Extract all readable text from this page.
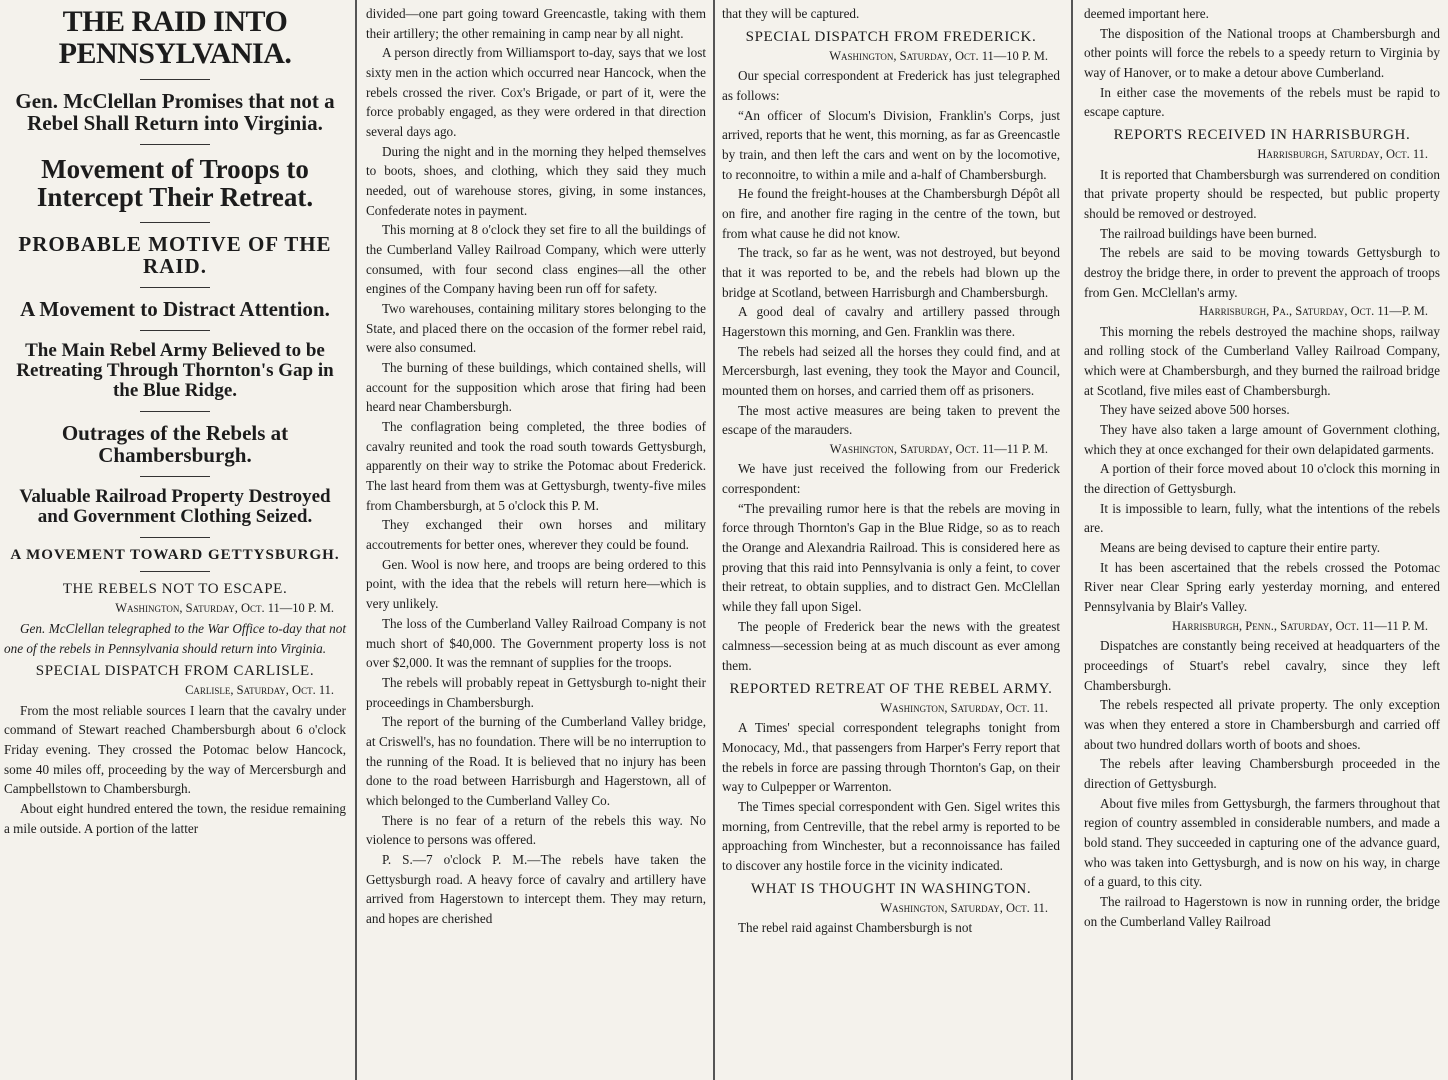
THE RAID INTO PENNSYLVANIA.
Gen. McClellan Promises that not a Rebel Shall Return into Virginia.
Movement of Troops to Intercept Their Retreat.
PROBABLE MOTIVE OF THE RAID.
A Movement to Distract Attention.
The Main Rebel Army Believed to be Retreating Through Thornton's Gap in the Blue Ridge.
Outrages of the Rebels at Chambersburgh.
Valuable Railroad Property Destroyed and Government Clothing Seized.
A MOVEMENT TOWARD GETTYSBURGH.
THE REBELS NOT TO ESCAPE.
Washington, Saturday, Oct. 11—10 P. M.

Gen. McClellan telegraphed to the War Office to-day that not one of the rebels in Pennsylvania should return into Virginia.

SPECIAL DISPATCH FROM CARLISLE.
Carlisle, Saturday, Oct. 11.

From the most reliable sources I learn that the cavalry under command of Stewart reached Chambersburgh about 6 o'clock Friday evening. They crossed the Potomac below Hancock, some 40 miles off, proceeding by the way of Mercersburgh and Campbellstown to Chambersburgh.

About eight hundred entered the town, the residue remaining a mile outside. A portion of the latter

divided—one part going toward Greencastle, taking with them their artillery; the other remaining in camp near by all night.

A person directly from Williamsport to-day, says that we lost sixty men in the action which occurred near Hancock, when the rebels crossed the river. Cox's Brigade, or part of it, were the force probably engaged, as they were ordered in that direction several days ago.

During the night and in the morning they helped themselves to boots, shoes, and clothing, which they said they much needed, out of warehouse stores, giving, in some instances, Confederate notes in payment.

This morning at 8 o'clock they set fire to all the buildings of the Cumberland Valley Railroad Company, which were utterly consumed, with four second class engines—all the other engines of the Company having been run off for safety.

Two warehouses, containing military stores belonging to the State, and placed there on the occasion of the former rebel raid, were also consumed.

The burning of these buildings, which contained shells, will account for the supposition which arose that firing had been heard near Chambersburgh.

The conflagration being completed, the three bodies of cavalry reunited and took the road south towards Gettysburgh, apparently on their way to strike the Potomac about Frederick. The last heard from them was at Gettysburgh, twenty-five miles from Chambersburgh, at 5 o'clock this P. M.

They exchanged their own horses and military accoutrements for better ones, wherever they could be found.

Gen. Wool is now here, and troops are being ordered to this point, with the idea that the rebels will return here—which is very unlikely.

The loss of the Cumberland Valley Railroad Company is not much short of $40,000. The Government property loss is not over $2,000. It was the remnant of supplies for the troops.

The rebels will probably repeat in Gettysburgh to-night their proceedings in Chambersburgh.

The report of the burning of the Cumberland Valley bridge, at Criswell's, has no foundation. There will be no interruption to the running of the Road. It is believed that no injury has been done to the road between Harrisburgh and Hagerstown, all of which belonged to the Cumberland Valley Co.

There is no fear of a return of the rebels this way. No violence to persons was offered.

P. S.—7 o'clock P. M.—The rebels have taken the Gettysburgh road. A heavy force of cavalry and artillery have arrived from Hagerstown to intercept them. They may return, and hopes are cherished

that they will be captured.

SPECIAL DISPATCH FROM FREDERICK.
Washington, Saturday, Oct. 11—10 P. M.

Our special correspondent at Frederick has just telegraphed as follows:

“An officer of Slocum's Division, Franklin's Corps, just arrived, reports that he went, this morning, as far as Greencastle by train, and then left the cars and went on by the locomotive, to reconnoitre, to within a mile and a-half of Chambersburgh.

He found the freight-houses at the Chambersburgh Dépôt all on fire, and another fire raging in the centre of the town, but from what cause he did not know.

The track, so far as he went, was not destroyed, but beyond that it was reported to be, and the rebels had blown up the bridge at Scotland, between Harrisburgh and Chambersburgh.

A good deal of cavalry and artillery passed through Hagerstown this morning, and Gen. Franklin was there.

The rebels had seized all the horses they could find, and at Mercersburgh, last evening, they took the Mayor and Council, mounted them on horses, and carried them off as prisoners.

The most active measures are being taken to prevent the escape of the marauders.

Washington, Saturday, Oct. 11—11 P. M.

We have just received the following from our Frederick correspondent:

“The prevailing rumor here is that the rebels are moving in force through Thornton's Gap in the Blue Ridge, so as to reach the Orange and Alexandria Railroad. This is considered here as proving that this raid into Pennsylvania is only a feint, to cover their retreat, to obtain supplies, and to distract Gen. McClellan while they fall upon Sigel.

The people of Frederick bear the news with the greatest calmness—secession being at as much discount as ever among them.

REPORTED RETREAT OF THE REBEL ARMY.
Washington, Saturday, Oct. 11.

A Times' special correspondent telegraphs tonight from Monocacy, Md., that passengers from Harper's Ferry report that the rebels in force are passing through Thornton's Gap, on their way to Culpepper or Warrenton.

The Times special correspondent with Gen. Sigel writes this morning, from Centreville, that the rebel army is reported to be approaching from Winchester, but a reconnoissance has failed to discover any hostile force in the vicinity indicated.

WHAT IS THOUGHT IN WASHINGTON.
Washington, Saturday, Oct. 11.

The rebel raid against Chambersburgh is not

deemed important here.

The disposition of the National troops at Chambersburgh and other points will force the rebels to a speedy return to Virginia by way of Hanover, or to make a detour above Cumberland.

In either case the movements of the rebels must be rapid to escape capture.

REPORTS RECEIVED IN HARRISBURGH.
Harrisburgh, Saturday, Oct. 11.

It is reported that Chambersburgh was surrendered on condition that private property should be respected, but public property should be removed or destroyed.

The railroad buildings have been burned.

The rebels are said to be moving towards Gettysburgh to destroy the bridge there, in order to prevent the approach of troops from Gen. McClellan's army.

Harrisburgh, Pa., Saturday, Oct. 11—P. M.

This morning the rebels destroyed the machine shops, railway and rolling stock of the Cumberland Valley Railroad Company, which were at Chambersburgh, and they burned the railroad bridge at Scotland, five miles east of Chambersburgh.

They have seized above 500 horses.

They have also taken a large amount of Government clothing, which they at once exchanged for their own delapidated garments.

A portion of their force moved about 10 o'clock this morning in the direction of Gettysburgh.

It is impossible to learn, fully, what the intentions of the rebels are.

Means are being devised to capture their entire party.

It has been ascertained that the rebels crossed the Potomac River near Clear Spring early yesterday morning, and entered Pennsylvania by Blair's Valley.

Harrisburgh, Penn., Saturday, Oct. 11—11 P. M.

Dispatches are constantly being received at headquarters of the proceedings of Stuart's rebel cavalry, since they left Chambersburgh.

The rebels respected all private property. The only exception was when they entered a store in Chambersburgh and carried off about two hundred dollars worth of boots and shoes.

The rebels after leaving Chambersburgh proceeded in the direction of Gettysburgh.

About five miles from Gettysburgh, the farmers throughout that region of country assembled in considerable numbers, and made a bold stand. They succeeded in capturing one of the advance guard, who was taken into Gettysburgh, and is now on his way, in charge of a guard, to this city.

The railroad to Hagerstown is now in running order, the bridge on the Cumberland Valley Railroad
